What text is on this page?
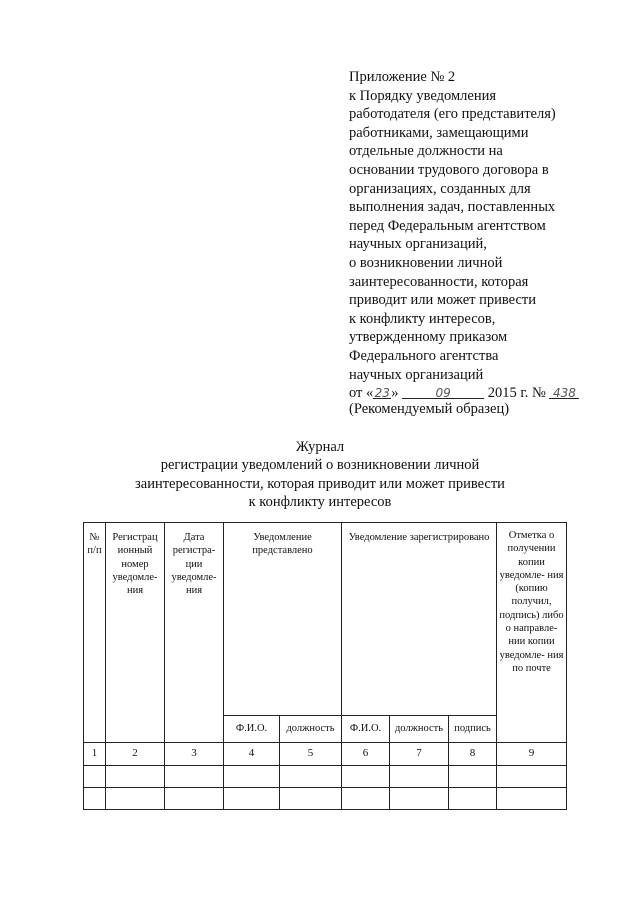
Приложение № 2
к Порядку уведомления
работодателя (его представителя)
работниками, замещающими
отдельные должности на
основании трудового договора в
организациях, созданных для
выполнения задач, поставленных
перед Федеральным агентством
научных организаций,
о возникновении личной
заинтересованности, которая
приводит или может привести
к конфликту интересов,
утвержденному приказом
Федерального агентства
научных организаций
от «23»	09 2015 г. № 438
(Рекомендуемый образец)
Журнал
регистрации уведомлений о возникновении личной
заинтересованности, которая приводит или может привести
к конфликту интересов
№ п/п	Регистрац ионный номер уведомле- ния	Дата регистра- ции уведомле- ния	Уведомление представлено		Уведомление зарегистрировано			Отметка о получении копии уведомле- ния (копию получил, подпись) либо о направле- нии копии уведомле- ния по почте
			Ф.И.О.	должность	Ф.И.О.	должность	подпись	
1	2	3	4	5	6	7	8	9
